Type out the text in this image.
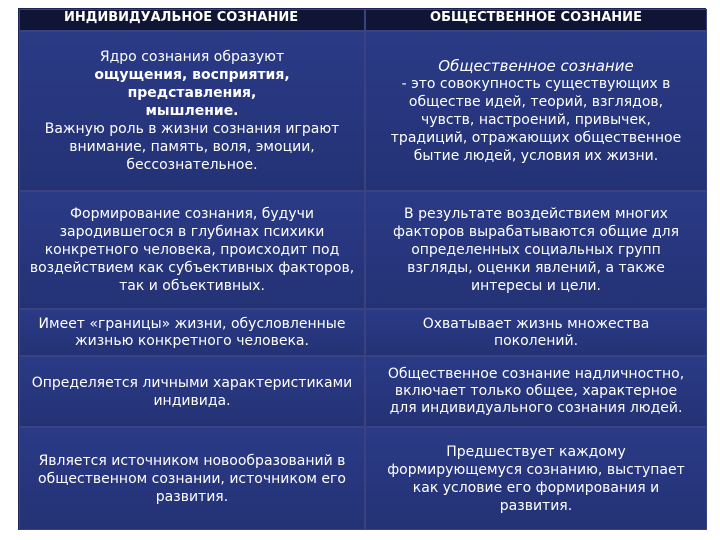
ИНДИВИДУАЛЬНОЕ СОЗНАНИЕ	ОБЩЕСТВЕННОЕ СОЗНАНИЕ
Ядро сознания образуют
ощущения, восприятия,
представления,
мышление.
Важную роль в жизни сознания играют
внимание, память, воля, эмоции,
бессознательное.
Общественное сознание
- это совокупность существующих в
обществе идей, теорий, взглядов,
чувств, настроений, привычек,
традиций, отражающих общественное
бытие людей, условия их жизни.
Формирование сознания, будучи
зародившегося в глубинах психики
конкретного человека, происходит под
воздействием как субъективных факторов,
так и объективных.
В результате воздействием многих
факторов вырабатываются общие для
определенных социальных групп
взгляды, оценки явлений, а также
интересы и цели.
Имеет «границы» жизни, обусловленные
жизнью конкретного человека.
Охватывает жизнь множества
поколений.
Определяется личными характеристиками
индивида.
Общественное сознание надличностно,
включает только общее, характерное
для индивидуального сознания людей.
Является источником новообразований в
общественном сознании, источником его
развития.
Предшествует каждому
формирующемуся сознанию, выступает
как условие его формирования и
развития.
